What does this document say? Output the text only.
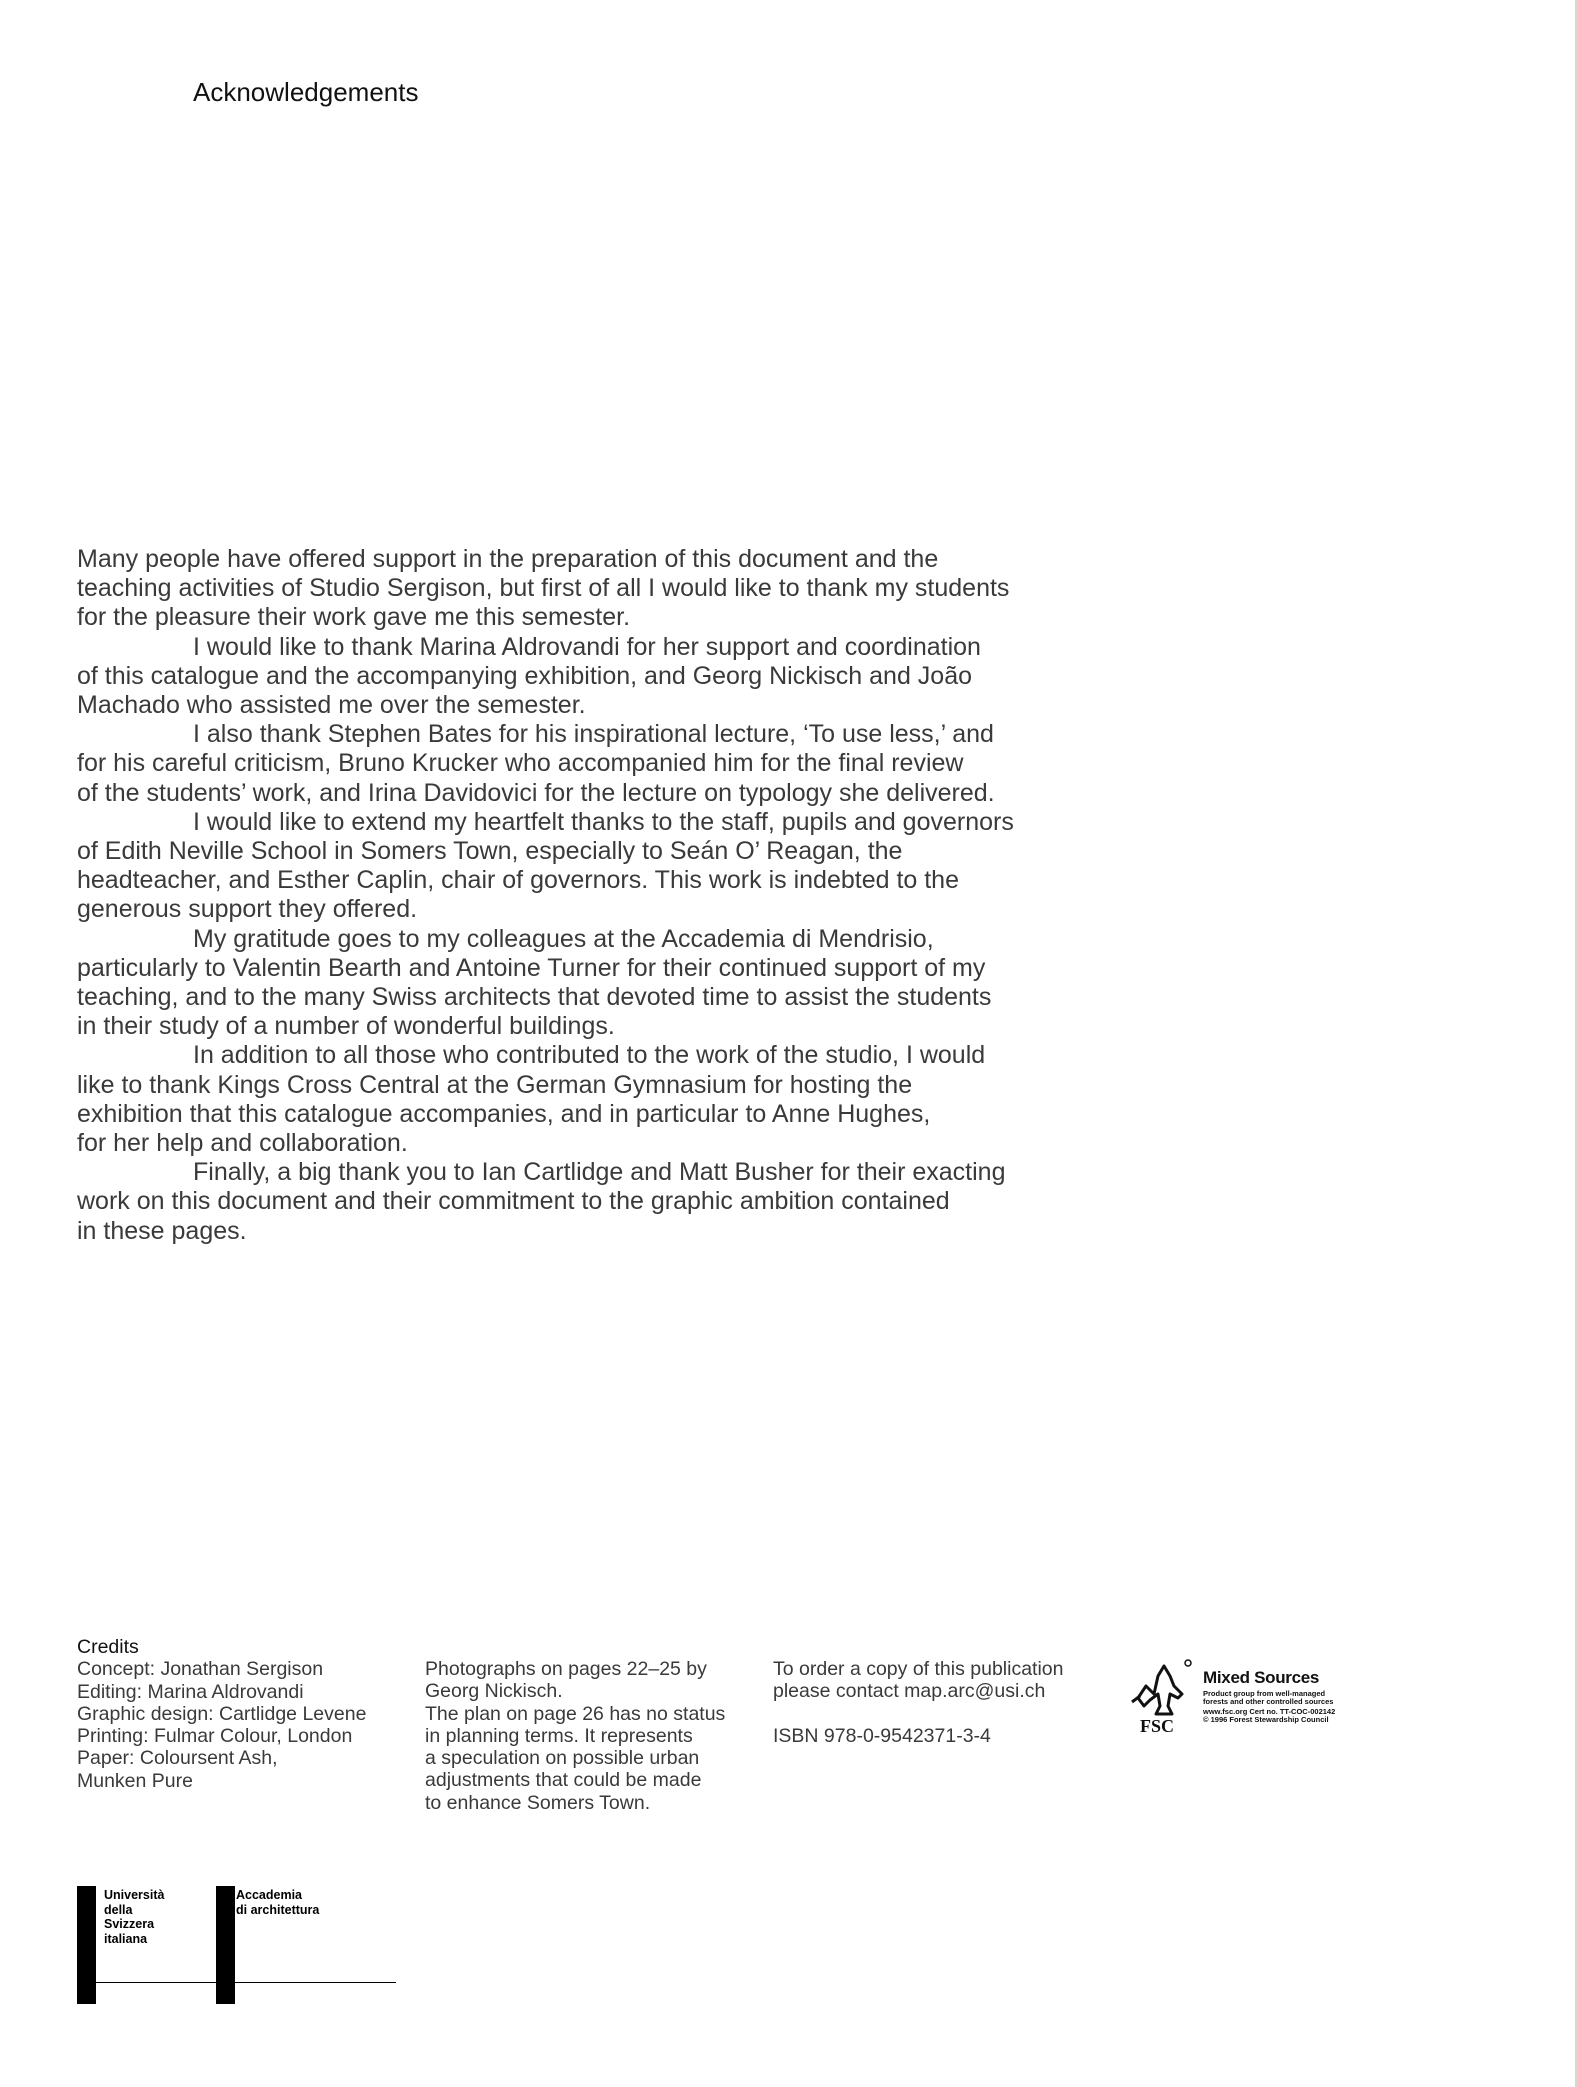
Acknowledgements

Many people have offered support in the preparation of this document and the
teaching activities of Studio Sergison, but first of all I would like to thank my students
for the pleasure their work gave me this semester.

I would like to thank Marina Aldrovandi for her support and coordination
of this catalogue and the accompanying exhibition, and Georg Nickisch and João
Machado who assisted me over the semester.

I also thank Stephen Bates for his inspirational lecture, ‘To use less,’ and
for his careful criticism, Bruno Krucker who accompanied him for the final review
of the students’ work, and Irina Davidovici for the lecture on typology she delivered.

I would like to extend my heartfelt thanks to the staff, pupils and governors
of Edith Neville School in Somers Town, especially to Seán O’ Reagan, the
headteacher, and Esther Caplin, chair of governors. This work is indebted to the
generous support they offered.

My gratitude goes to my colleagues at the Accademia di Mendrisio,
particularly to Valentin Bearth and Antoine Turner for their continued support of my
teaching, and to the many Swiss architects that devoted time to assist the students
in their study of a number of wonderful buildings.

In addition to all those who contributed to the work of the studio, I would
like to thank Kings Cross Central at the German Gymnasium for hosting the
exhibition that this catalogue accompanies, and in particular to Anne Hughes,
for her help and collaboration.

Finally, a big thank you to Ian Cartlidge and Matt Busher for their exacting
work on this document and their commitment to the graphic ambition contained
in these pages.

Credits

Concept: Jonathan Sergison

Editing: Marina Aldrovandi

Graphic design: Cartlidge Levene

Printing: Fulmar Colour, London

Paper: Coloursent Ash,

Munken Pure

Photographs on pages 22–25 by

Georg Nickisch.

The plan on page 26 has no status

in planning terms. It represents

a speculation on possible urban

adjustments that could be made

to enhance Somers Town.

To order a copy of this publication

please contact map.arc@usi.ch

ISBN 978-0-9542371-3-4	FSC
Mixed Sources
Product group from well-managed
forests and other controlled sources
www.fsc.org Cert no. TT-COC-002142
© 1996 Forest Stewardship Council

Università

della

Svizzera

italiana

Accademia

di architettura
